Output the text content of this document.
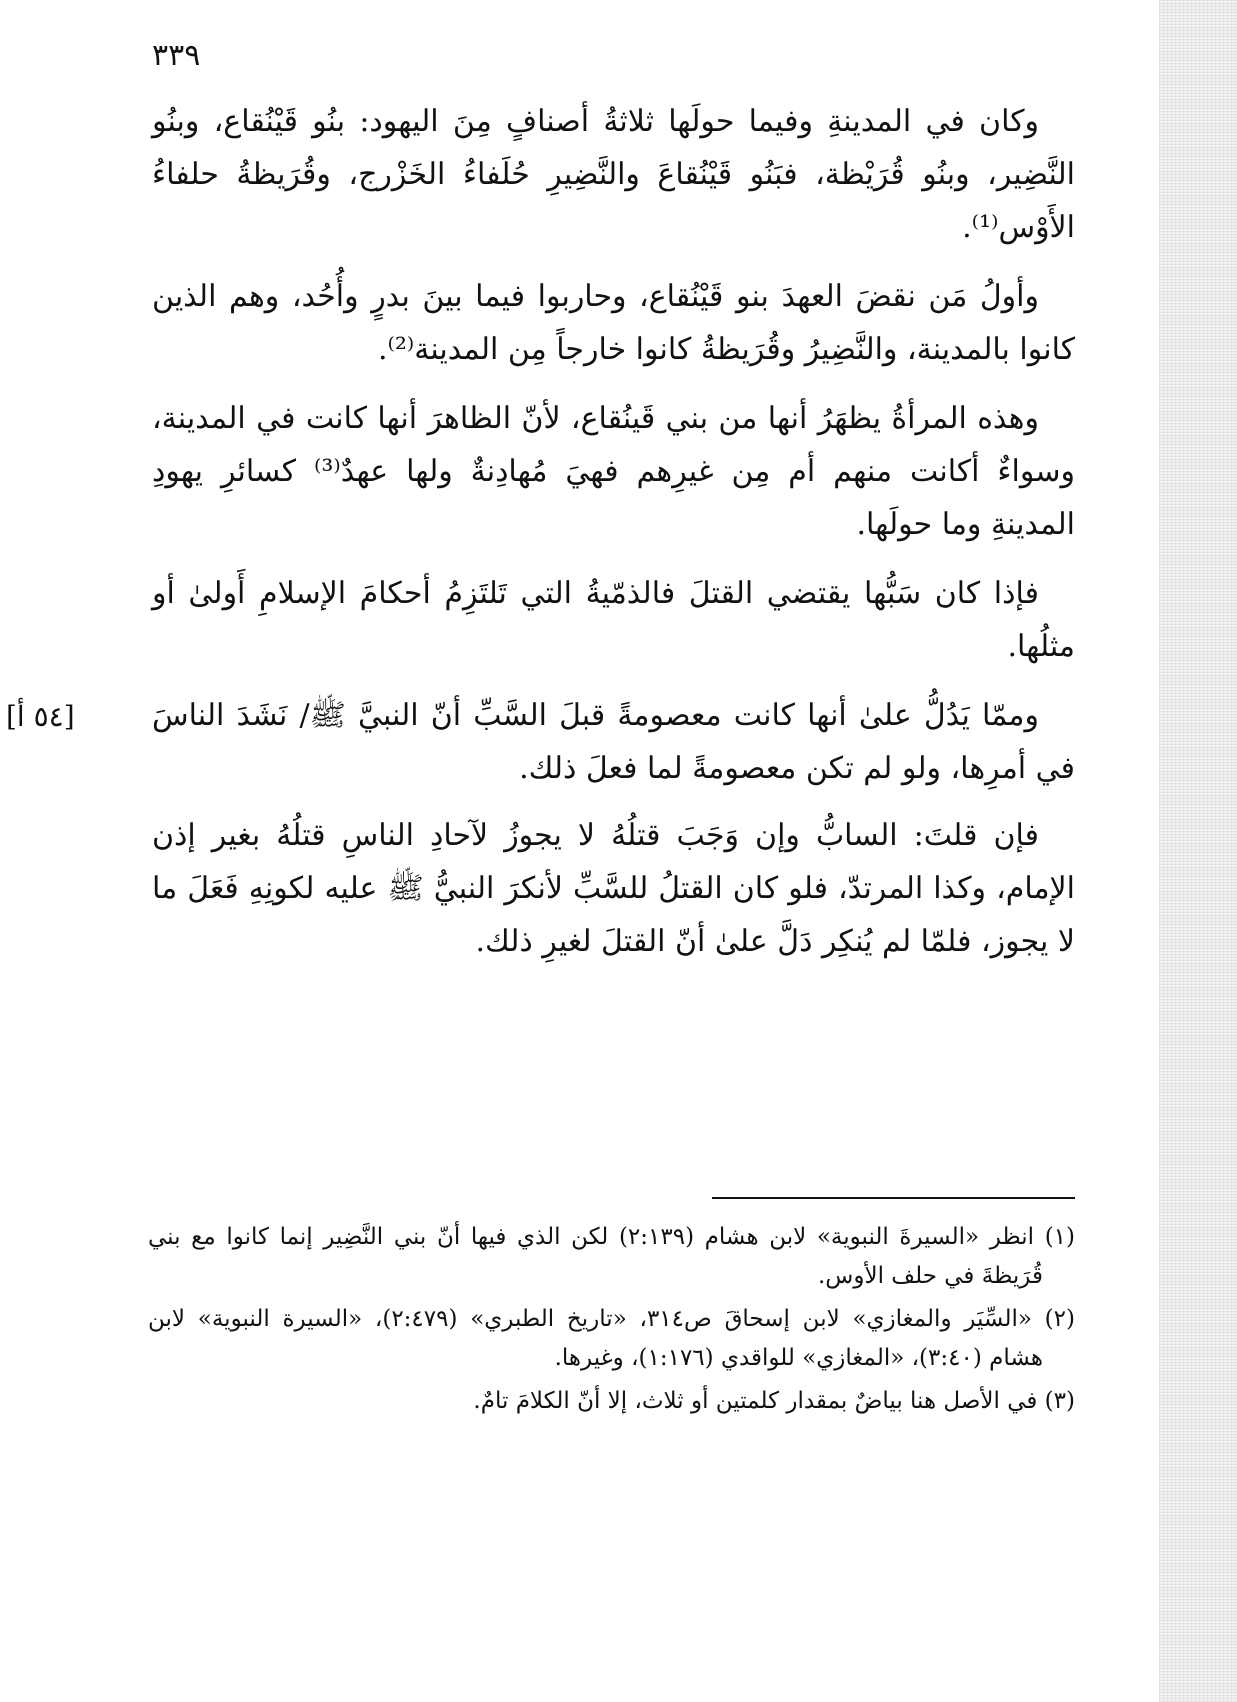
٣٣٩

وكان في المدينةِ وفيما حولَها ثلاثةُ أصنافٍ مِنَ اليهود: بنُو قَيْنُقاع، وبنُو النَّضِير، وبنُو قُرَيْظة، فبَنُو قَيْنُقاعَ والنَّضِيرِ حُلَفاءُ الخَزْرج، وقُرَيظةُ حلفاءُ الأَوْس⁽¹⁾.

وأولُ مَن نقضَ العهدَ بنو قَيْنُقاع، وحاربوا فيما بينَ بدرٍ وأُحُد، وهم الذين كانوا بالمدينة، والنَّضِيرُ وقُرَيظةُ كانوا خارجاً مِن المدينة⁽²⁾.

وهذه المرأةُ يظهَرُ أنها من بني قَينُقاع، لأنّ الظاهرَ أنها كانت في المدينة، وسواءٌ أكانت منهم أم مِن غيرِهم فهيَ مُهادِنةٌ ولها عهدٌ⁽³⁾ كسائرِ يهودِ المدينةِ وما حولَها.

فإذا كان سَبُّها يقتضي القتلَ فالذمّيةُ التي تَلتَزِمُ أحكامَ الإسلامِ أَولىٰ أو مثلُها.

وممّا يَدُلُّ علىٰ أنها كانت معصومةً قبلَ السَّبِّ أنّ النبيَّ ﷺ/ نَشَدَ الناسَ في أمرِها، ولو لم تكن معصومةً لما فعلَ ذلك.

فإن قلتَ: السابُّ وإن وَجَبَ قتلُهُ لا يجوزُ لآحادِ الناسِ قتلُهُ بغير إذن الإمام، وكذا المرتدّ، فلو كان القتلُ للسَّبِّ لأنكرَ النبيُّ ﷺ عليه لكونِهِ فَعَلَ ما لا يجوز، فلمّا لم يُنكِر دَلَّ علىٰ أنّ القتلَ لغيرِ ذلك.

[٥٤ أ]

(١) انظر «السيرةَ النبوية» لابن هشام (٢:١٣٩) لكن الذي فيها أنّ بني النَّضِير إنما كانوا مع بني قُرَيظةَ في حلف الأوس.

(٢) «السِّيَر والمغازي» لابن إسحاقَ ص٣١٤، «تاريخ الطبري» (٢:٤٧٩)، «السيرة النبوية» لابن هشام (٣:٤٠)، «المغازي» للواقدي (١:١٧٦)، وغيرها.

(٣) في الأصل هنا بياضٌ بمقدار كلمتين أو ثلاث، إلا أنّ الكلامَ تامٌ.
